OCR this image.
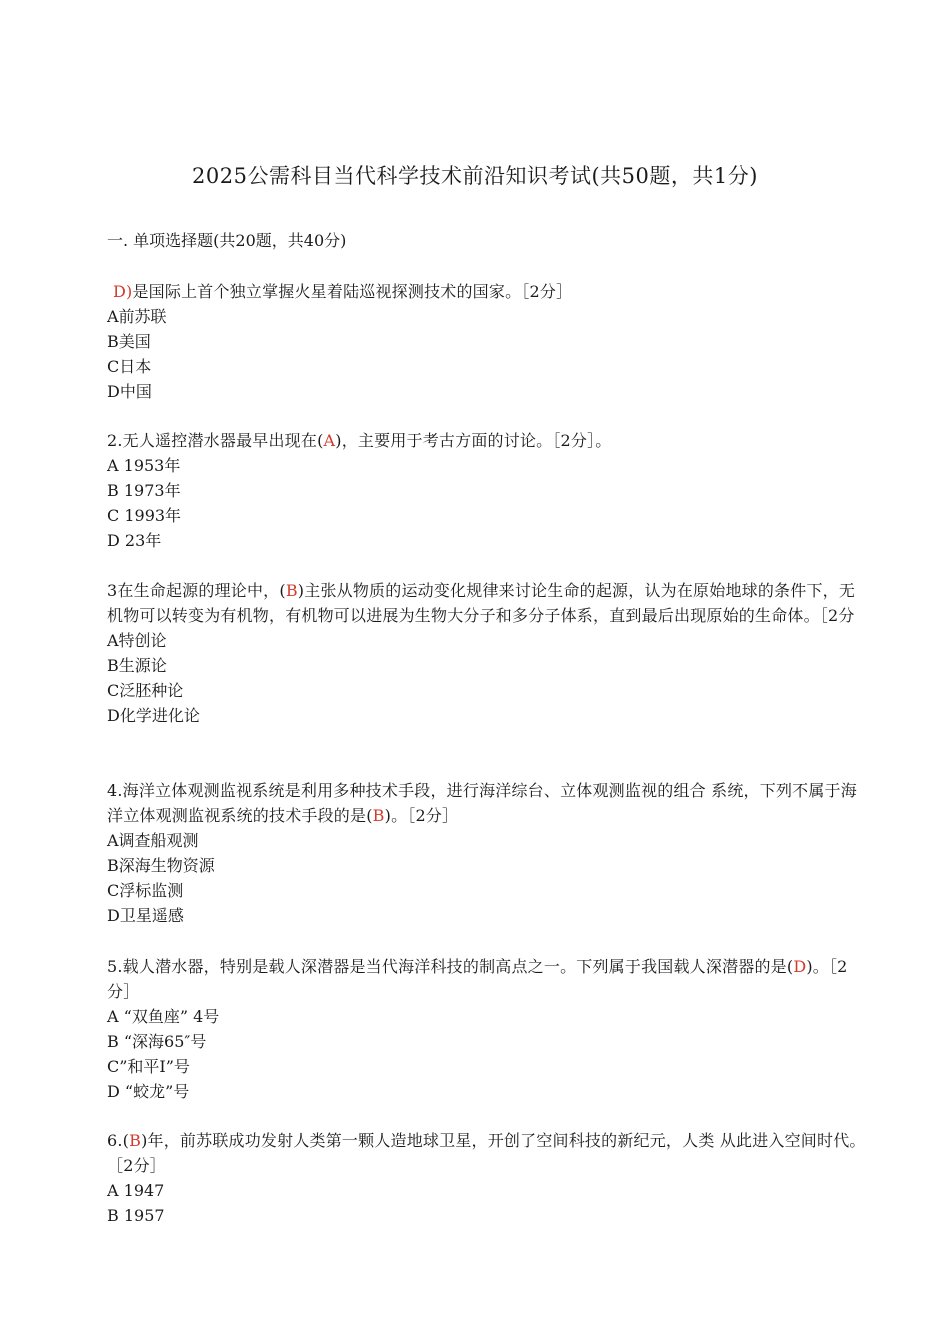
2025公需科目当代科学技术前沿知识考试(共50题，共1分)
一. 单项选择题(共20题，共40分)

D)是国际上首个独立掌握火星着陆巡视探测技术的国家。［2分］

A前苏联
B美国
C日本
D中国

2.无人遥控潜水器最早出现在(A)，主要用于考古方面的讨论。［2分］。

A 1953年
B 1973年
C 1993年
D 23年

3在生命起源的理论中，(B)主张从物质的运动变化规律来讨论生命的起源，认为在原始地球的条件下，无机物可以转变为有机物，有机物可以进展为生物大分子和多分子体系，直到最后出现原始的生命体。［2分

A特创论
B生源论
C泛胚种论
D化学进化论

4.海洋立体观测监视系统是利用多种技术手段，进行海洋综台、立体观测监视的组合 系统，下列不属于海洋立体观测监视系统的技术手段的是(B)。［2分］

A调查船观测
B深海生物资源
C浮标监测
D卫星遥感

5.载人潜水器，特别是载人深潜器是当代海洋科技的制高点之一。下列属于我国载人深潜器的是(D)。［2分］

A “双鱼座” 4号
B “深海65″号
C”和平I”号
D “蛟龙”号

6.(B)年，前苏联成功发射人类第一颗人造地球卫星，开创了空间科技的新纪元，人类 从此进入空间时代。［2分］

A 1947
B 1957
